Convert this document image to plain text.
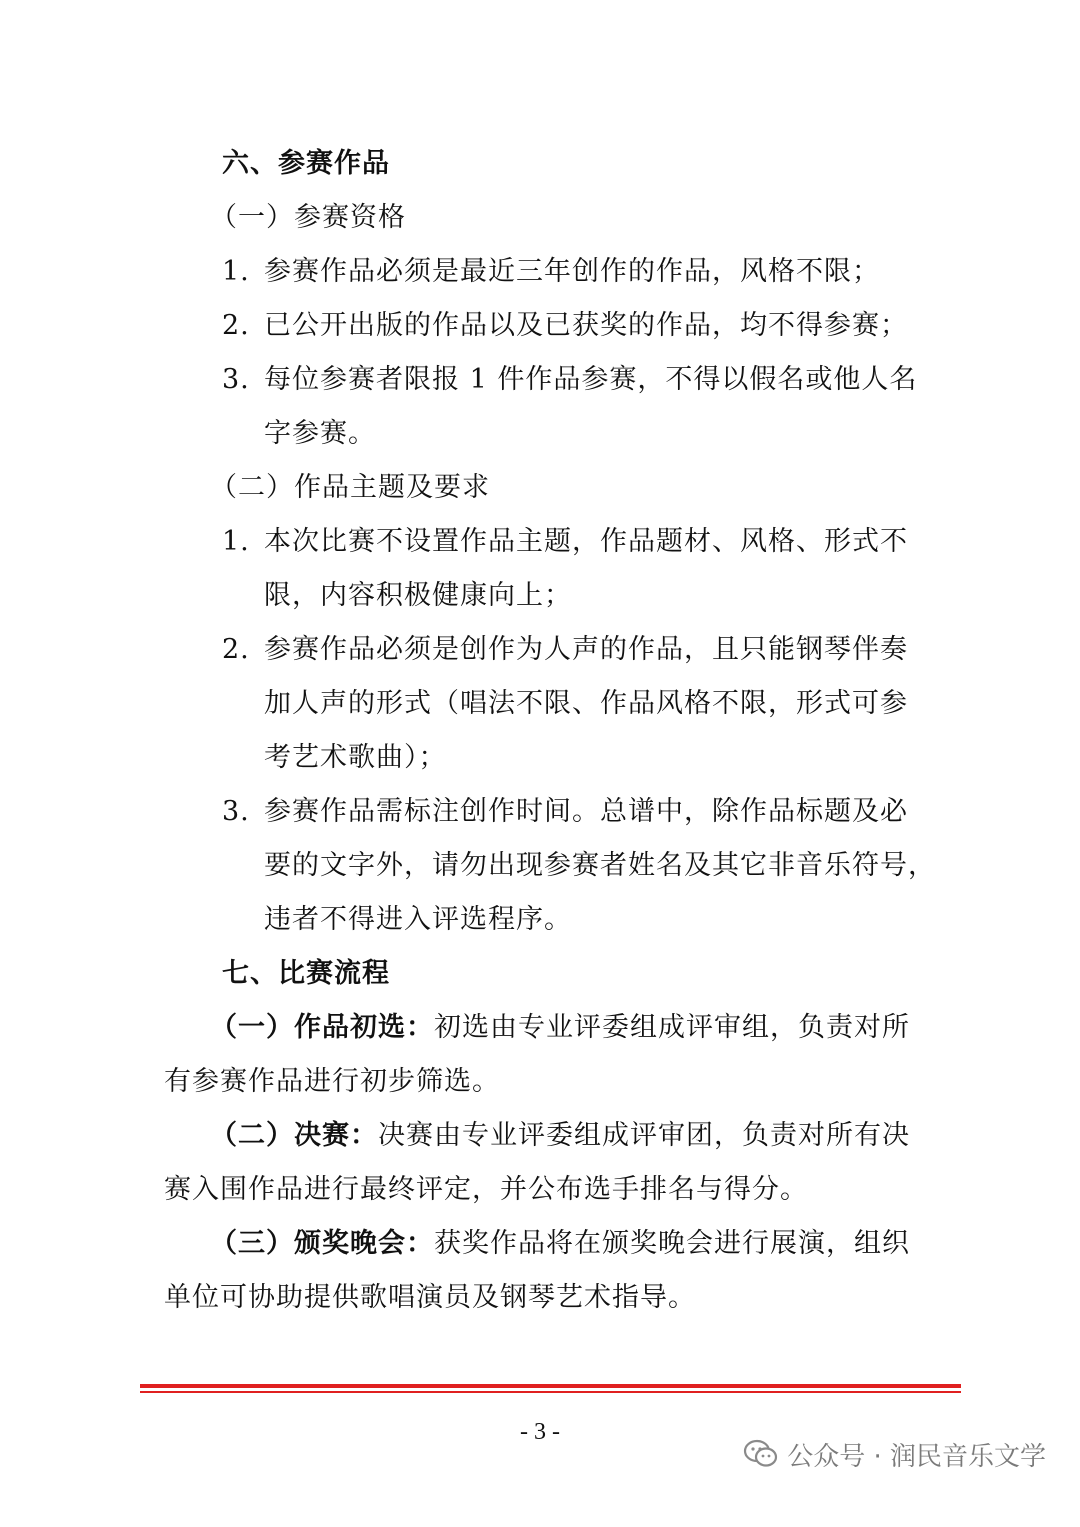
六、参赛作品
（一）参赛资格
1. 参赛作品必须是最近三年创作的作品，风格不限；
2. 已公开出版的作品以及已获奖的作品，均不得参赛；
3. 每位参赛者限报 1 件作品参赛，不得以假名或他人名
字参赛。
（二）作品主题及要求
1. 本次比赛不设置作品主题，作品题材、风格、形式不
限，内容积极健康向上；
2. 参赛作品必须是创作为人声的作品，且只能钢琴伴奏
加人声的形式（唱法不限、作品风格不限，形式可参
考艺术歌曲）；
3. 参赛作品需标注创作时间。总谱中，除作品标题及必
要的文字外，请勿出现参赛者姓名及其它非音乐符号，
违者不得进入评选程序。
七、比赛流程
（一）作品初选：初选由专业评委组成评审组，负责对所
有参赛作品进行初步筛选。
（二）决赛：决赛由专业评委组成评审团，负责对所有决
赛入围作品进行最终评定，并公布选手排名与得分。
（三）颁奖晚会：获奖作品将在颁奖晚会进行展演，组织
单位可协助提供歌唱演员及钢琴艺术指导。
- 3 -
公众号 · 润民音乐文学
